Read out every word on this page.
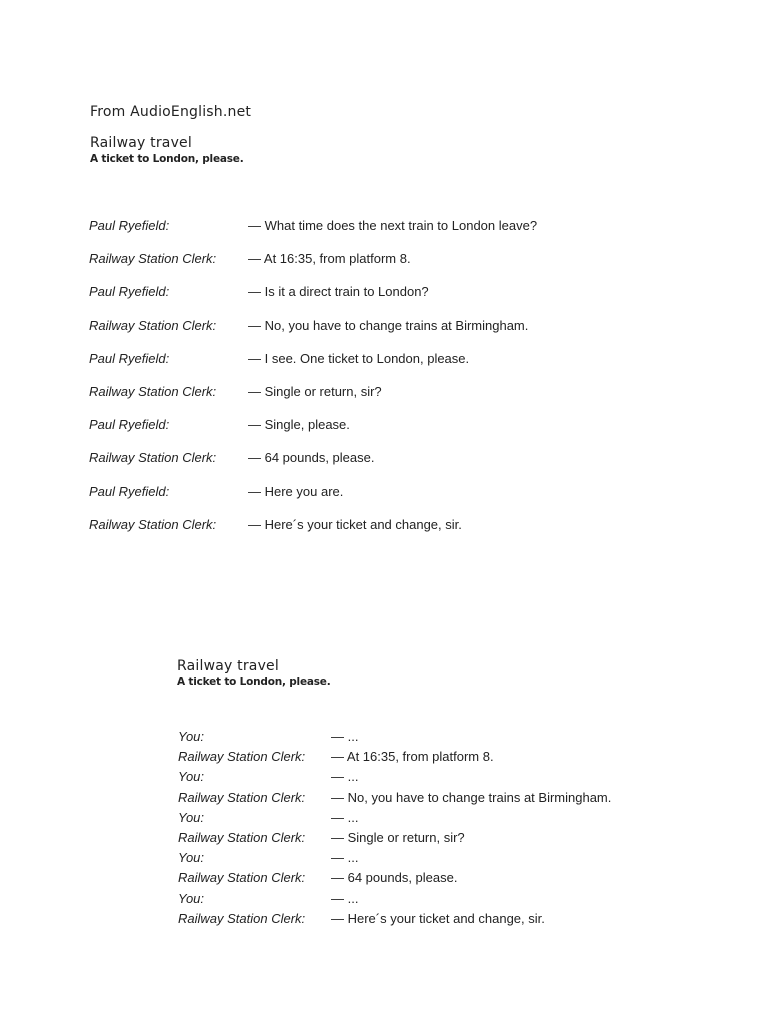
From AudioEnglish.net
Railway travel
A ticket to London, please.
Paul Ryefield:	— What time does the next train to London leave?
Railway Station Clerk:	— At 16:35, from platform 8.
Paul Ryefield:	— Is it a direct train to London?
Railway Station Clerk:	— No, you have to change trains at Birmingham.
Paul Ryefield:	— I see. One ticket to London, please.
Railway Station Clerk:	— Single or return, sir?
Paul Ryefield:	— Single, please.
Railway Station Clerk:	— 64 pounds, please.
Paul Ryefield:	— Here you are.
Railway Station Clerk:	— Here´s your ticket and change, sir.
Railway travel
A ticket to London, please.
You:	— ...
Railway Station Clerk:	— At 16:35, from platform 8.
You:	— ...
Railway Station Clerk:	— No, you have to change trains at Birmingham.
You:	— ...
Railway Station Clerk:	— Single or return, sir?
You:	— ...
Railway Station Clerk:	— 64 pounds, please.
You:	— ...
Railway Station Clerk:	— Here´s your ticket and change, sir.
